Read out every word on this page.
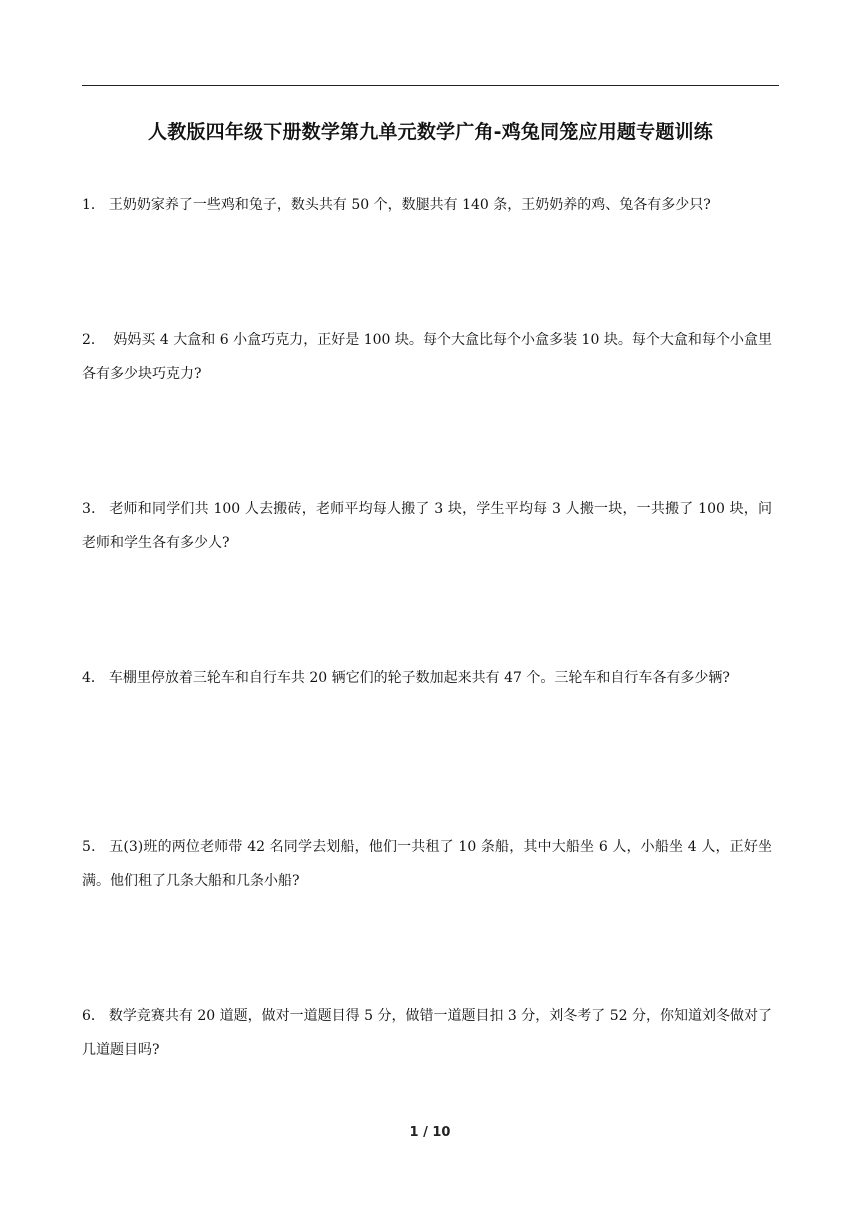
人教版四年级下册数学第九单元数学广角-鸡兔同笼应用题专题训练
1． 王奶奶家养了一些鸡和兔子，数头共有 50 个，数腿共有 140 条，王奶奶养的鸡、兔各有多少只?
2． 妈妈买 4 大盒和 6 小盒巧克力，正好是 100 块。每个大盒比每个小盒多装 10 块。每个大盒和每个小盒里各有多少块巧克力?
3． 老师和同学们共 100 人去搬砖，老师平均每人搬了 3 块，学生平均每 3 人搬一块，一共搬了 100 块，问老师和学生各有多少人?
4． 车棚里停放着三轮车和自行车共 20 辆它们的轮子数加起来共有 47 个。三轮车和自行车各有多少辆?
5． 五(3)班的两位老师带 42 名同学去划船，他们一共租了 10 条船，其中大船坐 6 人，小船坐 4 人，正好坐满。他们租了几条大船和几条小船?
6． 数学竞赛共有 20 道题，做对一道题目得 5 分，做错一道题目扣 3 分，刘冬考了 52 分，你知道刘冬做对了几道题目吗?
1 / 10
